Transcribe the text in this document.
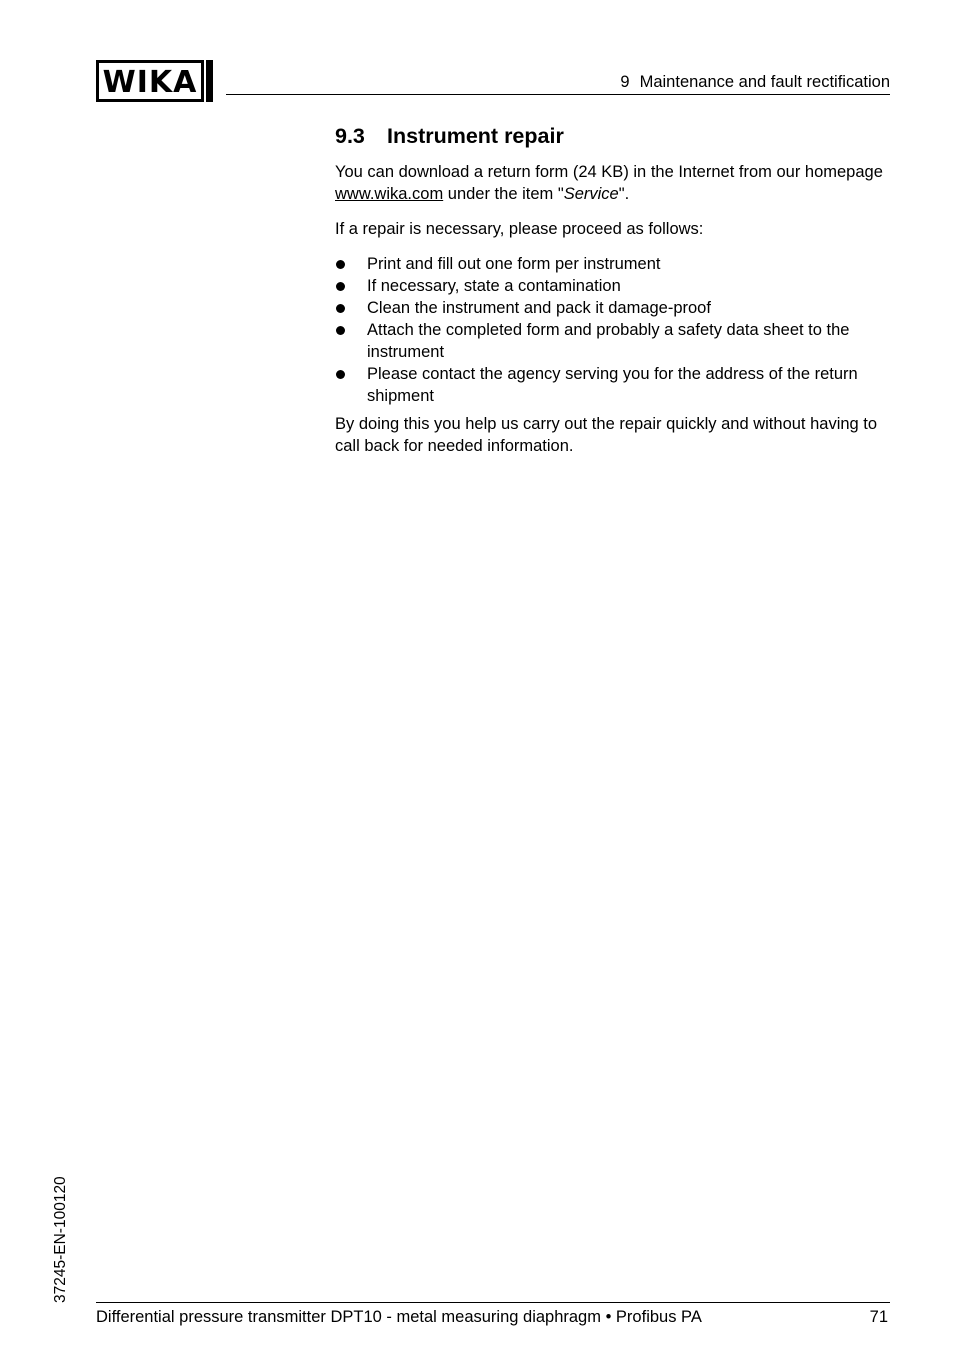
WIKA	9 Maintenance and fault rectification
9.3 Instrument repair

You can download a return form (24 KB) in the Internet from our homepage www.wika.com under the item "Service".

If a repair is necessary, please proceed as follows:

Print and fill out one form per instrument
If necessary, state a contamination
Clean the instrument and pack it damage-proof
Attach the completed form and probably a safety data sheet to the instrument
Please contact the agency serving you for the address of the return shipment

By doing this you help us carry out the repair quickly and without having to call back for needed information.

37245-EN-100120
Differential pressure transmitter DPT10 - metal measuring diaphragm • Profibus PA	71
